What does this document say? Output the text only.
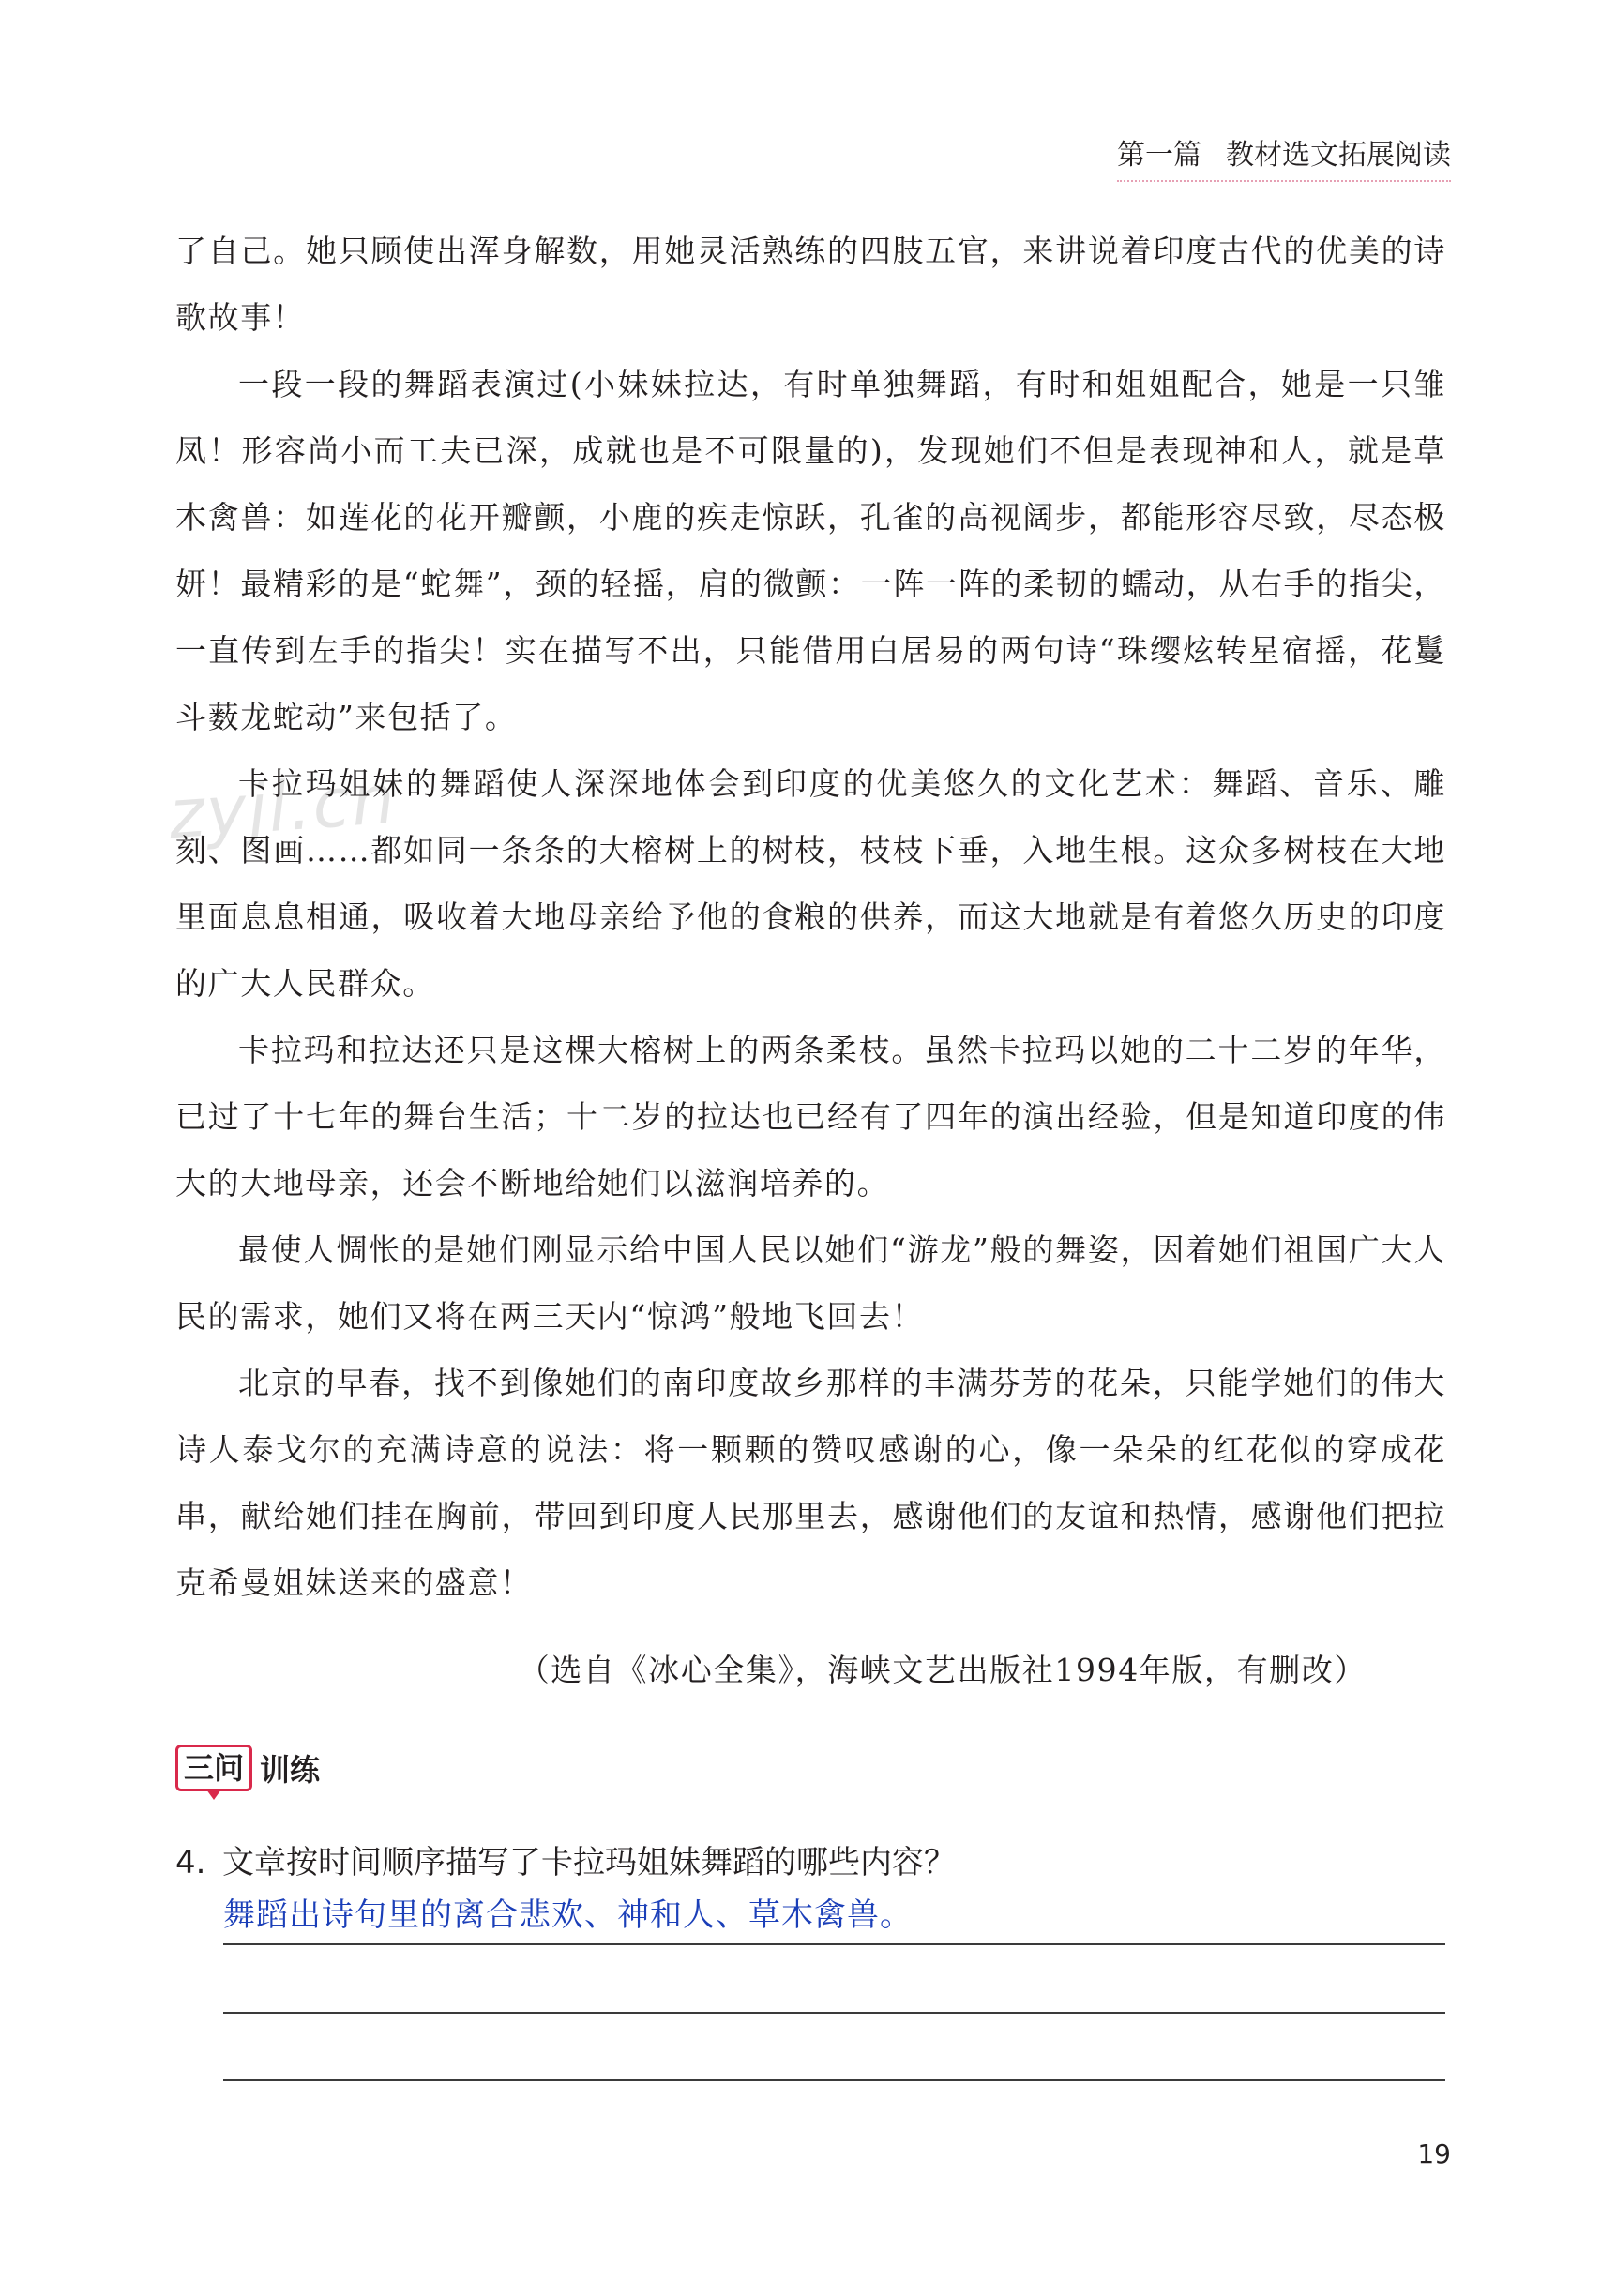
第一篇 教材选文拓展阅读
zyjl.cn

了自己。她只顾使出浑身解数，用她灵活熟练的四肢五官，来讲说着印度古代的优美的诗歌故事！

一段一段的舞蹈表演过(小妹妹拉达，有时单独舞蹈，有时和姐姐配合，她是一只雏凤！形容尚小而工夫已深，成就也是不可限量的)，发现她们不但是表现神和人，就是草木禽兽：如莲花的花开瓣颤，小鹿的疾走惊跃，孔雀的高视阔步，都能形容尽致，尽态极妍！最精彩的是“蛇舞”，颈的轻摇，肩的微颤：一阵一阵的柔韧的蠕动，从右手的指尖，一直传到左手的指尖！实在描写不出，只能借用白居易的两句诗“珠缨炫转星宿摇，花鬘斗薮龙蛇动”来包括了。

卡拉玛姐妹的舞蹈使人深深地体会到印度的优美悠久的文化艺术：舞蹈、音乐、雕刻、图画……都如同一条条的大榕树上的树枝，枝枝下垂，入地生根。这众多树枝在大地里面息息相通，吸收着大地母亲给予他的食粮的供养，而这大地就是有着悠久历史的印度的广大人民群众。

卡拉玛和拉达还只是这棵大榕树上的两条柔枝。虽然卡拉玛以她的二十二岁的年华，已过了十七年的舞台生活；十二岁的拉达也已经有了四年的演出经验，但是知道印度的伟大的大地母亲，还会不断地给她们以滋润培养的。

最使人惆怅的是她们刚显示给中国人民以她们“游龙”般的舞姿，因着她们祖国广大人民的需求，她们又将在两三天内“惊鸿”般地飞回去！

北京的早春，找不到像她们的南印度故乡那样的丰满芬芳的花朵，只能学她们的伟大诗人泰戈尔的充满诗意的说法：将一颗颗的赞叹感谢的心，像一朵朵的红花似的穿成花串，献给她们挂在胸前，带回到印度人民那里去，感谢他们的友谊和热情，感谢他们把拉克希曼姐妹送来的盛意！

（选自《冰心全集》，海峡文艺出版社1994年版，有删改）
三问 训练
4. 文章按时间顺序描写了卡拉玛姐妹舞蹈的哪些内容？
舞蹈出诗句里的离合悲欢、神和人、草木禽兽。
19
